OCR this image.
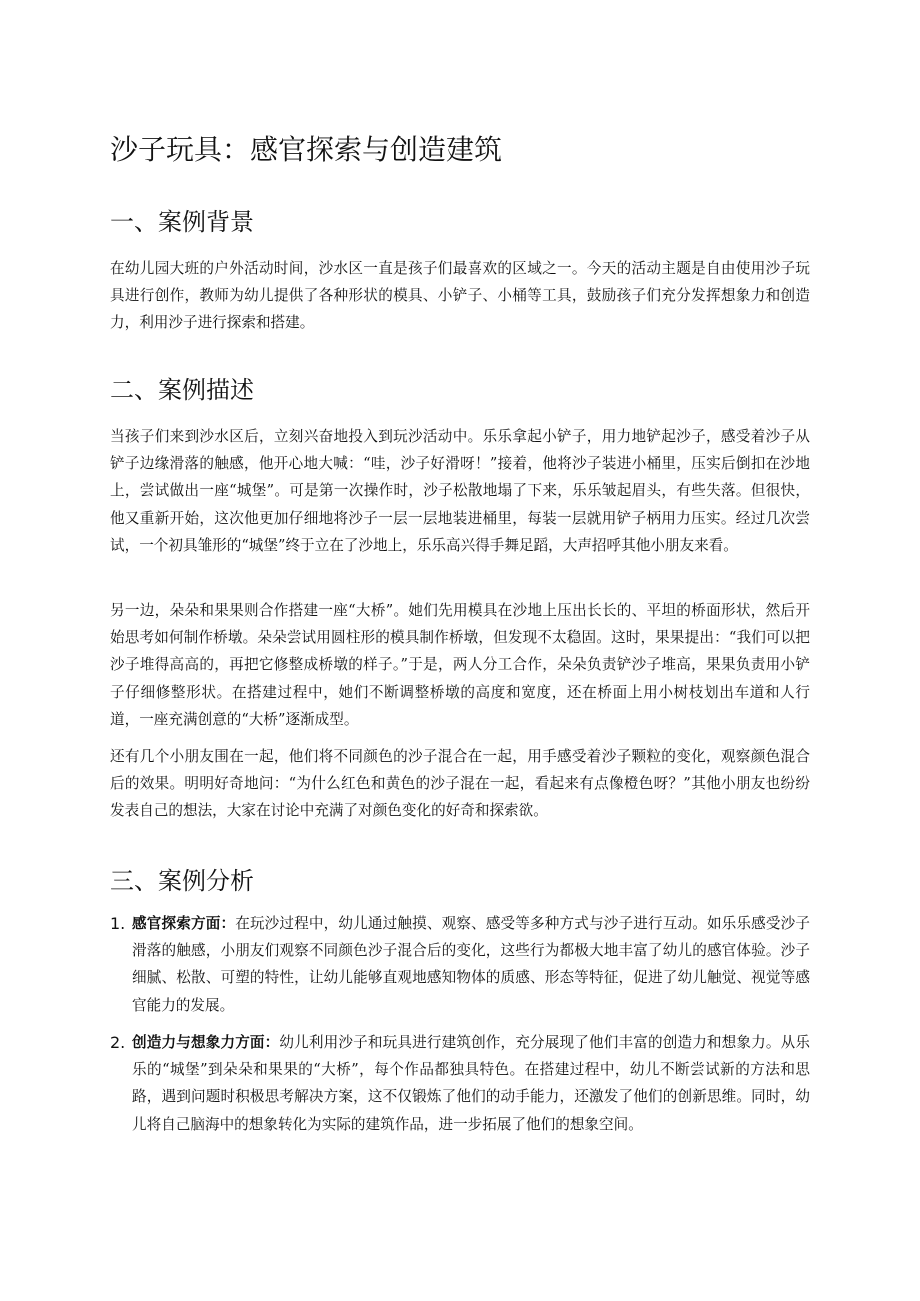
沙子玩具：感官探索与创造建筑
一、案例背景

在幼儿园大班的户外活动时间，沙水区一直是孩子们最喜欢的区域之一。今天的活动主题是自由使用沙子玩具进行创作，教师为幼儿提供了各种形状的模具、小铲子、小桶等工具，鼓励孩子们充分发挥想象力和创造力，利用沙子进行探索和搭建。

二、案例描述

当孩子们来到沙水区后，立刻兴奋地投入到玩沙活动中。乐乐拿起小铲子，用力地铲起沙子，感受着沙子从铲子边缘滑落的触感，他开心地大喊：“哇，沙子好滑呀！”接着，他将沙子装进小桶里，压实后倒扣在沙地上，尝试做出一座“城堡”。可是第一次操作时，沙子松散地塌了下来，乐乐皱起眉头，有些失落。但很快，他又重新开始，这次他更加仔细地将沙子一层一层地装进桶里，每装一层就用铲子柄用力压实。经过几次尝试，一个初具雏形的“城堡”终于立在了沙地上，乐乐高兴得手舞足蹈，大声招呼其他小朋友来看。

另一边，朵朵和果果则合作搭建一座“大桥”。她们先用模具在沙地上压出长长的、平坦的桥面形状，然后开始思考如何制作桥墩。朵朵尝试用圆柱形的模具制作桥墩，但发现不太稳固。这时，果果提出：“我们可以把沙子堆得高高的，再把它修整成桥墩的样子。”于是，两人分工合作，朵朵负责铲沙子堆高，果果负责用小铲子仔细修整形状。在搭建过程中，她们不断调整桥墩的高度和宽度，还在桥面上用小树枝划出车道和人行道，一座充满创意的“大桥”逐渐成型。

还有几个小朋友围在一起，他们将不同颜色的沙子混合在一起，用手感受着沙子颗粒的变化，观察颜色混合后的效果。明明好奇地问：“为什么红色和黄色的沙子混在一起，看起来有点像橙色呀？”其他小朋友也纷纷发表自己的想法，大家在讨论中充满了对颜色变化的好奇和探索欲。

三、案例分析
1. 感官探索方面：在玩沙过程中，幼儿通过触摸、观察、感受等多种方式与沙子进行互动。如乐乐感受沙子滑落的触感，小朋友们观察不同颜色沙子混合后的变化，这些行为都极大地丰富了幼儿的感官体验。沙子细腻、松散、可塑的特性，让幼儿能够直观地感知物体的质感、形态等特征，促进了幼儿触觉、视觉等感官能力的发展。
2. 创造力与想象力方面：幼儿利用沙子和玩具进行建筑创作，充分展现了他们丰富的创造力和想象力。从乐乐的“城堡”到朵朵和果果的“大桥”，每个作品都独具特色。在搭建过程中，幼儿不断尝试新的方法和思路，遇到问题时积极思考解决方案，这不仅锻炼了他们的动手能力，还激发了他们的创新思维。同时，幼儿将自己脑海中的想象转化为实际的建筑作品，进一步拓展了他们的想象空间。
